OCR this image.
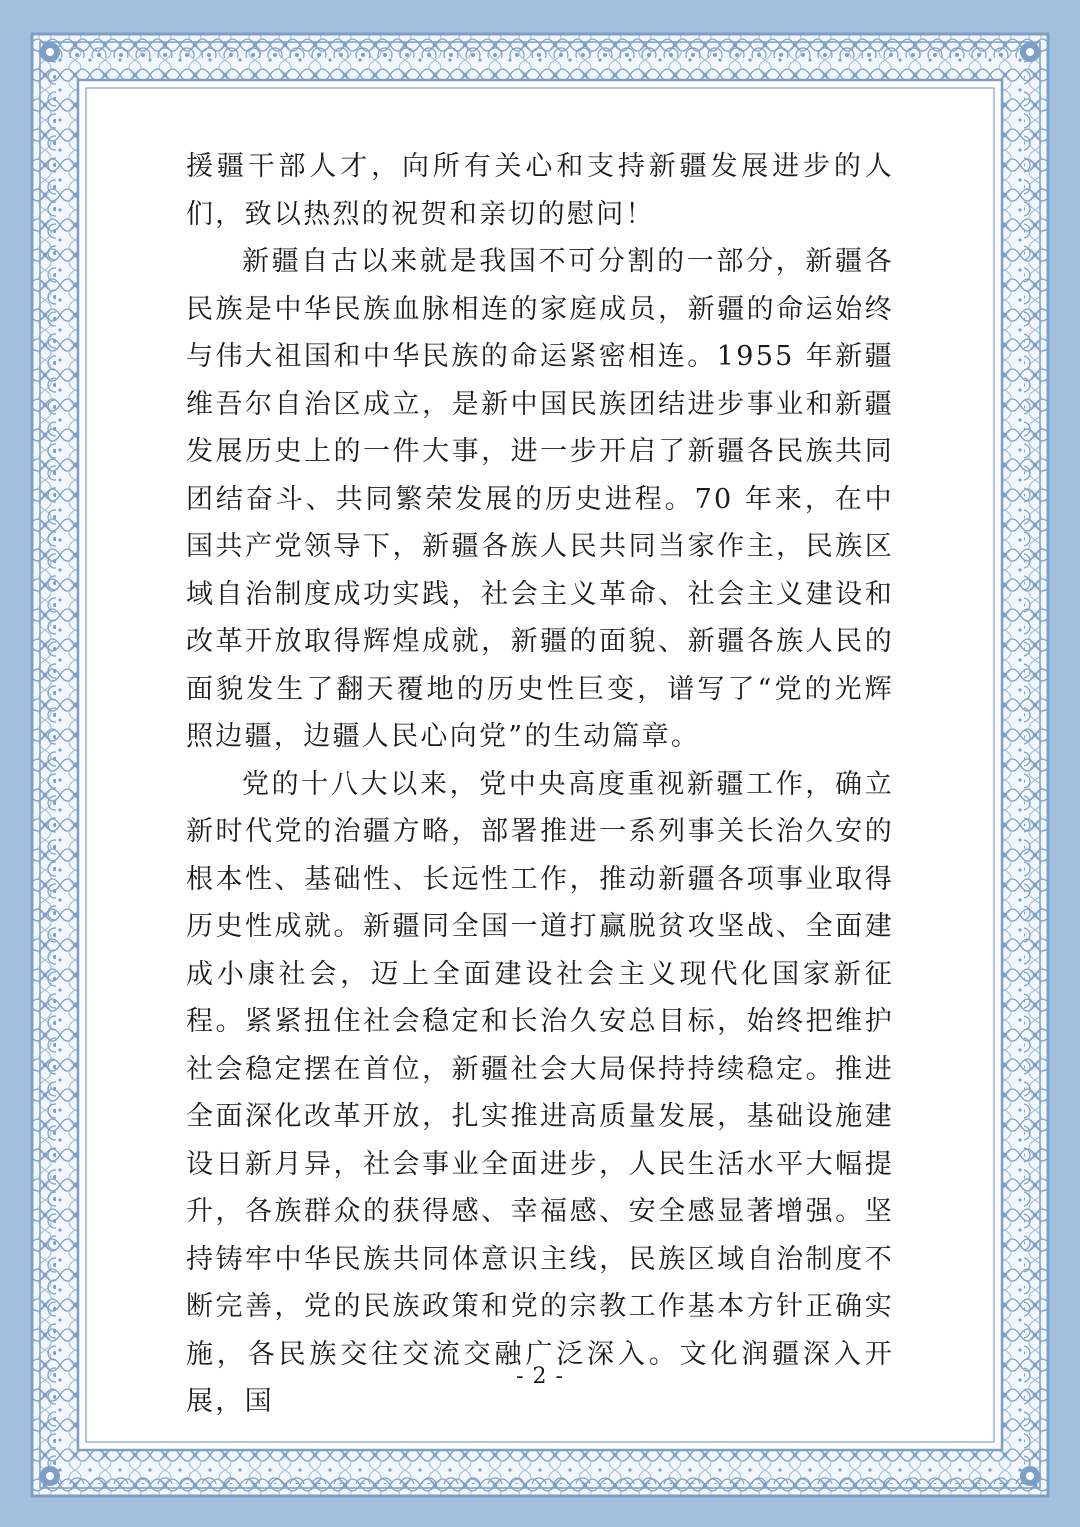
援疆干部人才，向所有关心和支持新疆发展进步的人们，致以热烈的祝贺和亲切的慰问！

新疆自古以来就是我国不可分割的一部分，新疆各民族是中华民族血脉相连的家庭成员，新疆的命运始终与伟大祖国和中华民族的命运紧密相连。1955 年新疆维吾尔自治区成立，是新中国民族团结进步事业和新疆发展历史上的一件大事，进一步开启了新疆各民族共同团结奋斗、共同繁荣发展的历史进程。70 年来，在中国共产党领导下，新疆各族人民共同当家作主，民族区域自治制度成功实践，社会主义革命、社会主义建设和改革开放取得辉煌成就，新疆的面貌、新疆各族人民的面貌发生了翻天覆地的历史性巨变，谱写了“党的光辉照边疆，边疆人民心向党”的生动篇章。

党的十八大以来，党中央高度重视新疆工作，确立新时代党的治疆方略，部署推进一系列事关长治久安的根本性、基础性、长远性工作，推动新疆各项事业取得历史性成就。新疆同全国一道打赢脱贫攻坚战、全面建成小康社会，迈上全面建设社会主义现代化国家新征程。紧紧扭住社会稳定和长治久安总目标，始终把维护社会稳定摆在首位，新疆社会大局保持持续稳定。推进全面深化改革开放，扎实推进高质量发展，基础设施建设日新月异，社会事业全面进步，人民生活水平大幅提升，各族群众的获得感、幸福感、安全感显著增强。坚持铸牢中华民族共同体意识主线，民族区域自治制度不断完善，党的民族政策和党的宗教工作基本方针正确实施，各民族交往交流交融广泛深入。文化润疆深入开展，国

- 2 -
